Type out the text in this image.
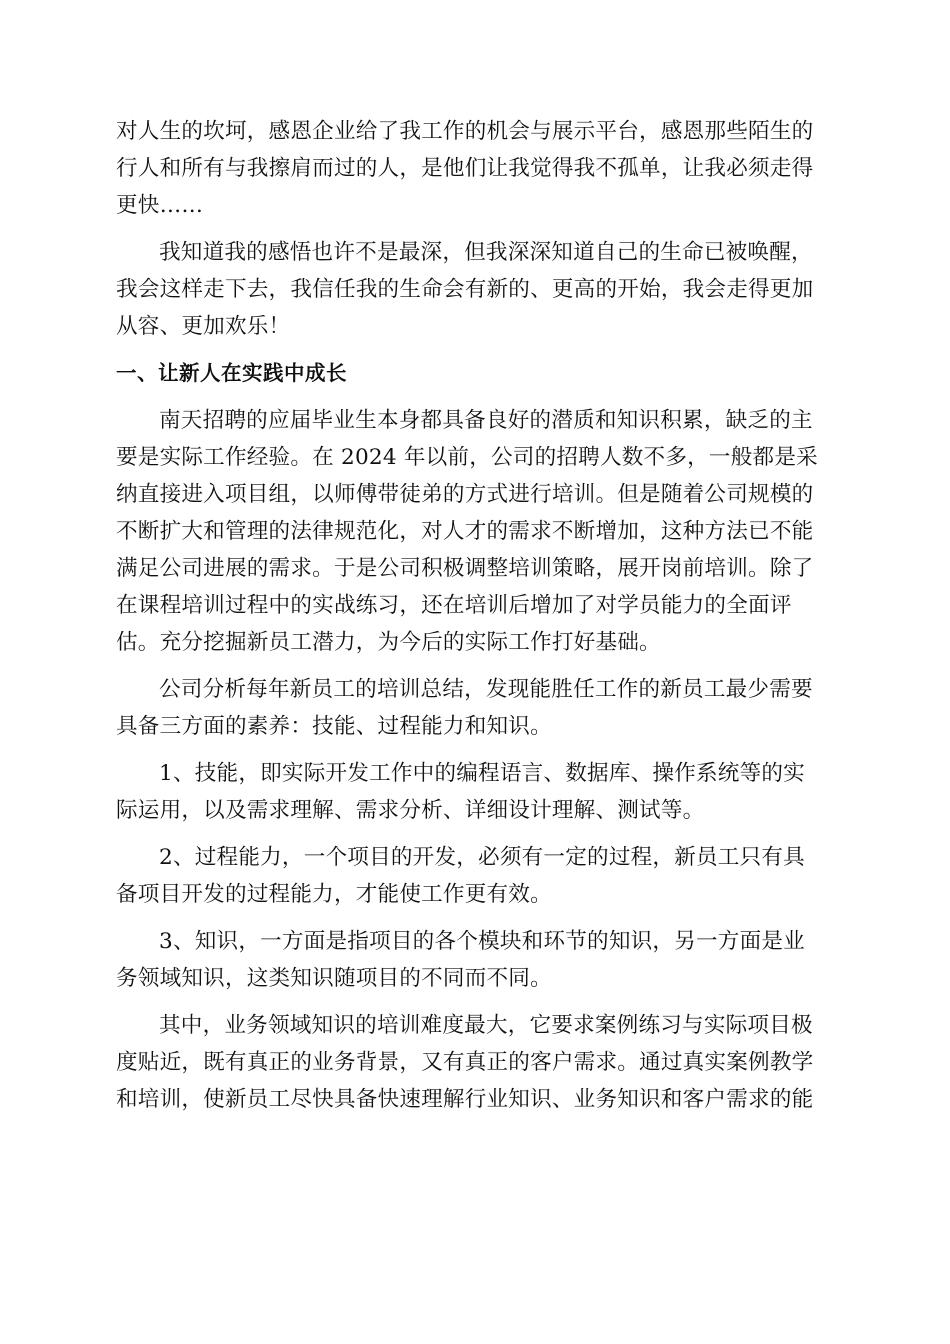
对人生的坎坷，感恩企业给了我工作的机会与展示平台，感恩那些陌生的
行人和所有与我擦肩而过的人，是他们让我觉得我不孤单，让我必须走得
更快……
我知道我的感悟也许不是最深，但我深深知道自己的生命已被唤醒，
我会这样走下去，我信任我的生命会有新的、更高的开始，我会走得更加
从容、更加欢乐！
一、让新人在实践中成长
南天招聘的应届毕业生本身都具备良好的潜质和知识积累，缺乏的主
要是实际工作经验。在 2024 年以前，公司的招聘人数不多，一般都是采
纳直接进入项目组，以师傅带徒弟的方式进行培训。但是随着公司规模的
不断扩大和管理的法律规范化，对人才的需求不断增加，这种方法已不能
满足公司进展的需求。于是公司积极调整培训策略，展开岗前培训。除了
在课程培训过程中的实战练习，还在培训后增加了对学员能力的全面评
估。充分挖掘新员工潜力，为今后的实际工作打好基础。
公司分析每年新员工的培训总结，发现能胜任工作的新员工最少需要
具备三方面的素养：技能、过程能力和知识。
1、技能，即实际开发工作中的编程语言、数据库、操作系统等的实
际运用，以及需求理解、需求分析、详细设计理解、测试等。
2、过程能力，一个项目的开发，必须有一定的过程，新员工只有具
备项目开发的过程能力，才能使工作更有效。
3、知识，一方面是指项目的各个模块和环节的知识，另一方面是业
务领域知识，这类知识随项目的不同而不同。
其中，业务领域知识的培训难度最大，它要求案例练习与实际项目极
度贴近，既有真正的业务背景，又有真正的客户需求。通过真实案例教学
和培训，使新员工尽快具备快速理解行业知识、业务知识和客户需求的能
